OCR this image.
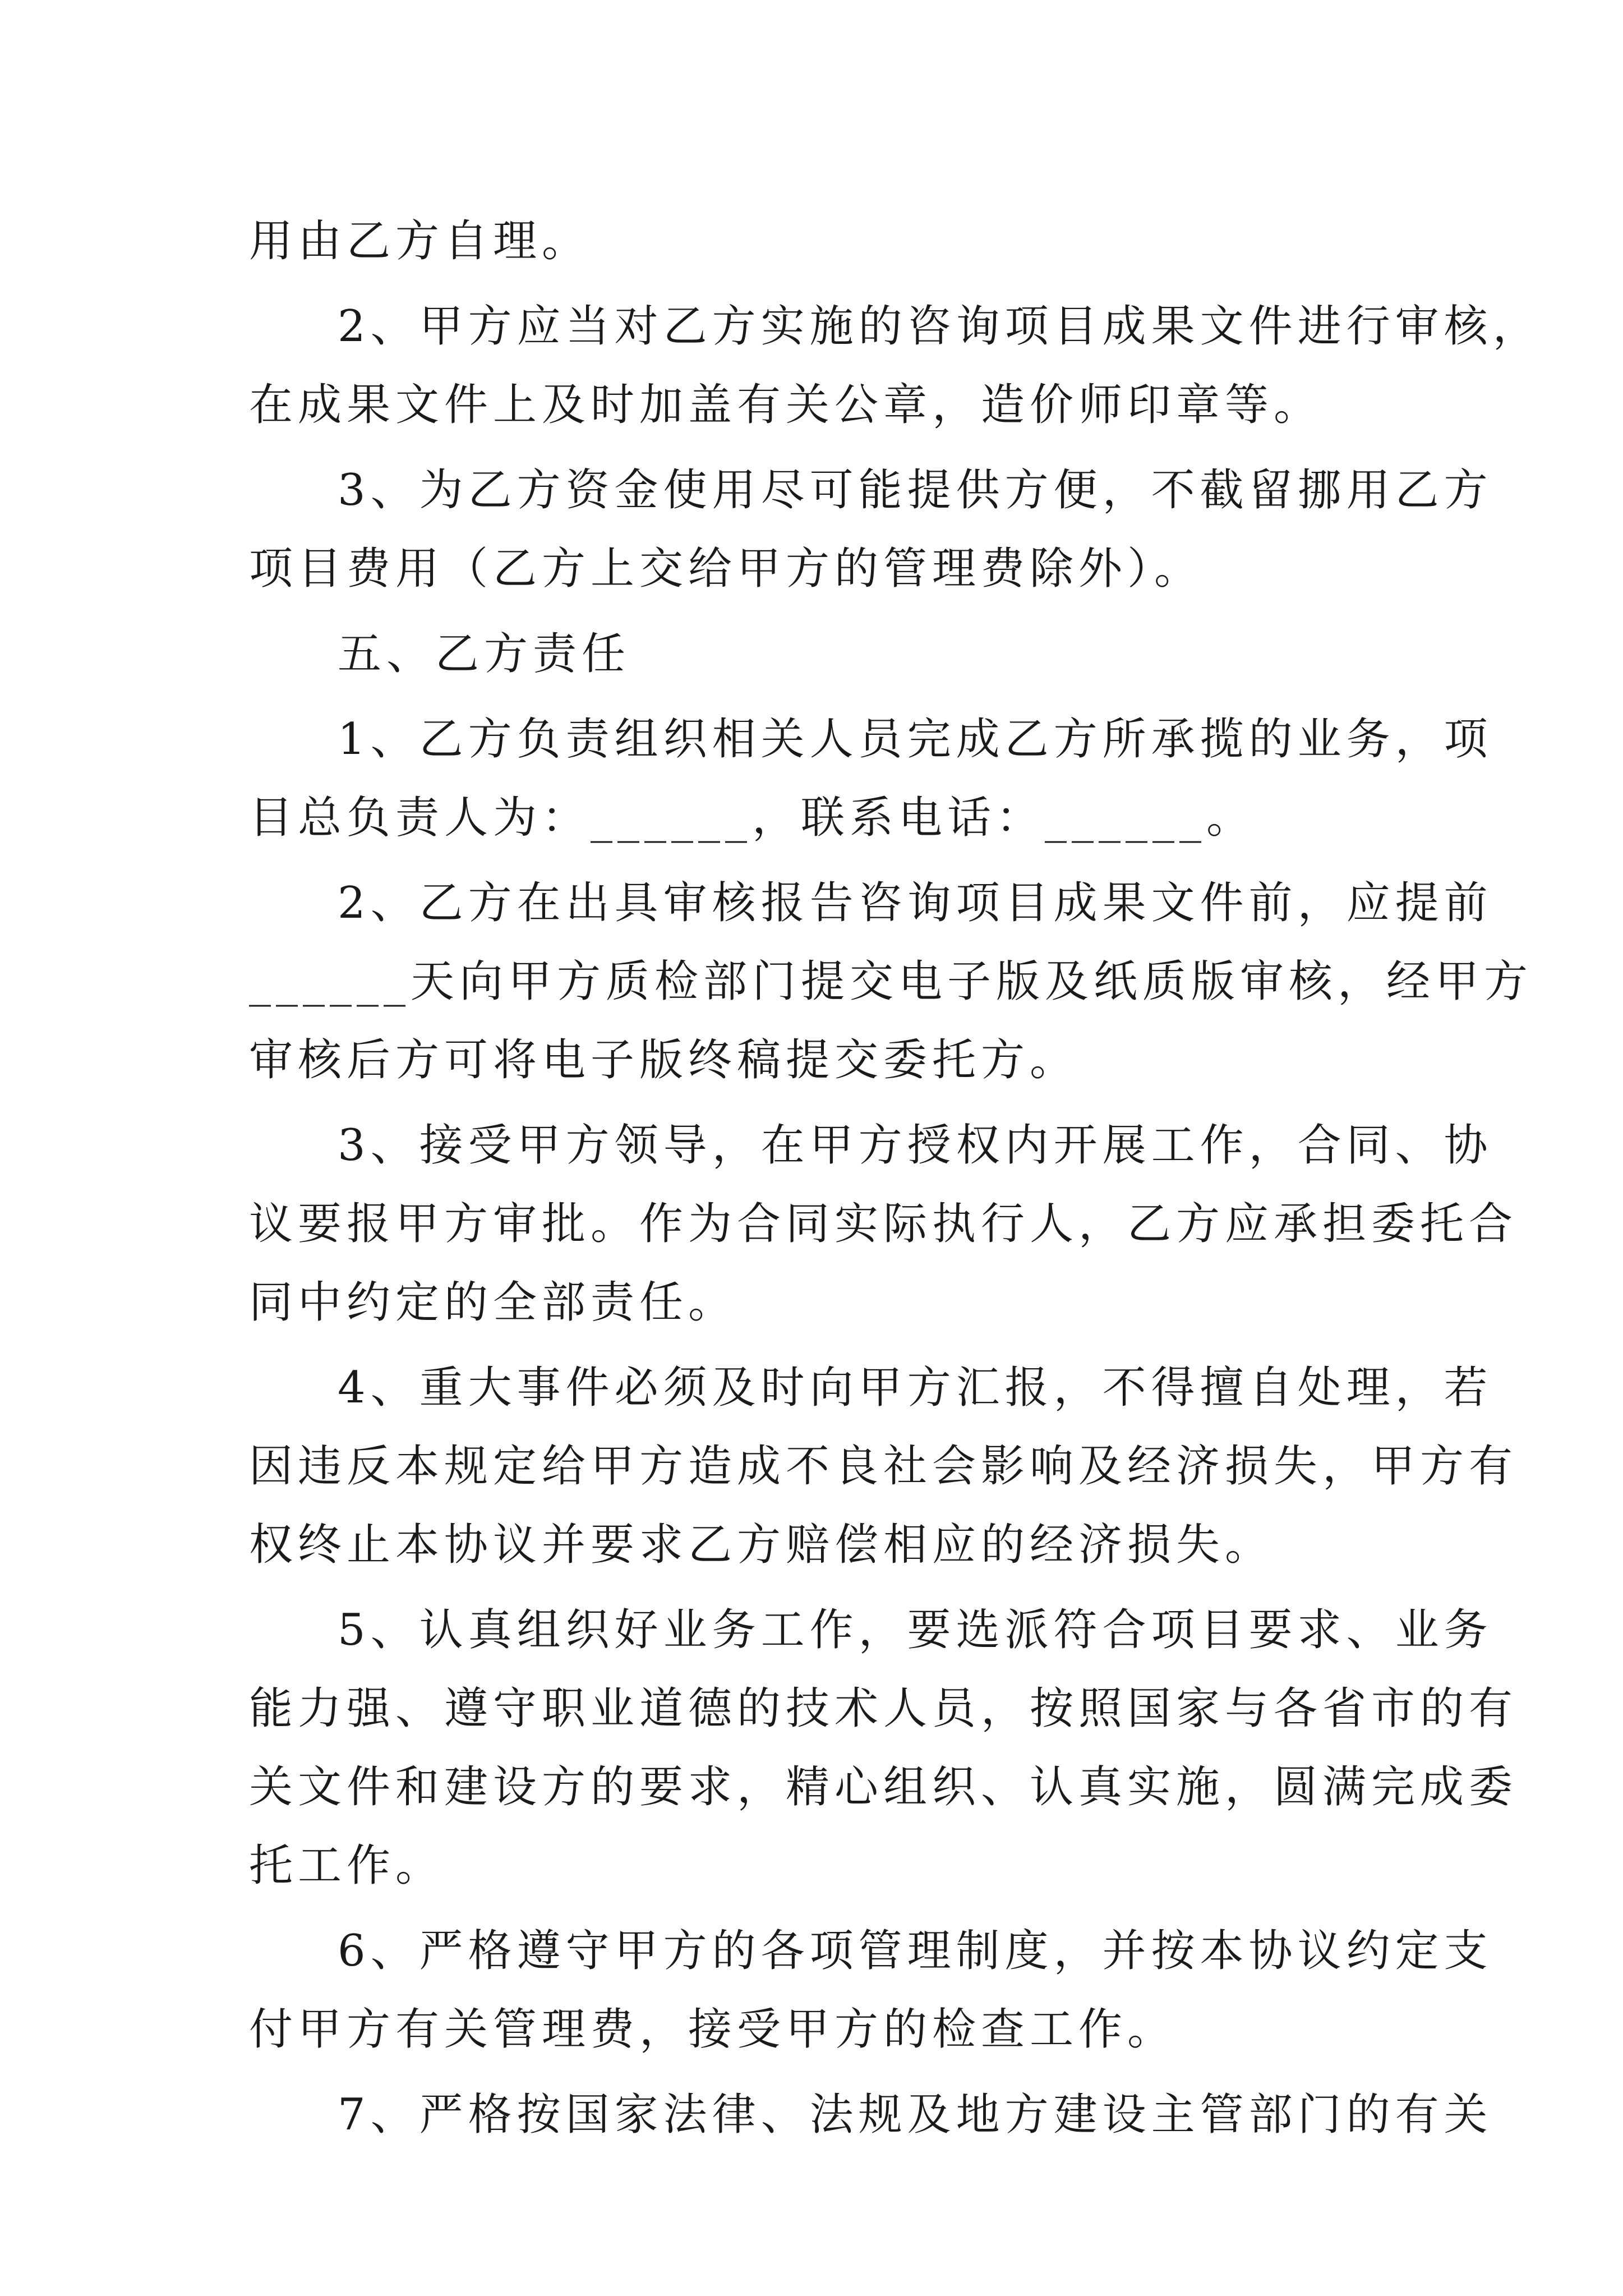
用由乙方自理。
2、甲方应当对乙方实施的咨询项目成果文件进行审核，
在成果文件上及时加盖有关公章，造价师印章等。
3、为乙方资金使用尽可能提供方便，不截留挪用乙方
项目费用（乙方上交给甲方的管理费除外）。
五、乙方责任
1、乙方负责组织相关人员完成乙方所承揽的业务，项
目总负责人为：______，联系电话：______。
2、乙方在出具审核报告咨询项目成果文件前，应提前
______天向甲方质检部门提交电子版及纸质版审核，经甲方
审核后方可将电子版终稿提交委托方。
3、接受甲方领导，在甲方授权内开展工作，合同、协
议要报甲方审批。作为合同实际执行人，乙方应承担委托合
同中约定的全部责任。
4、重大事件必须及时向甲方汇报，不得擅自处理，若
因违反本规定给甲方造成不良社会影响及经济损失，甲方有
权终止本协议并要求乙方赔偿相应的经济损失。
5、认真组织好业务工作，要选派符合项目要求、业务
能力强、遵守职业道德的技术人员，按照国家与各省市的有
关文件和建设方的要求，精心组织、认真实施，圆满完成委
托工作。
6、严格遵守甲方的各项管理制度，并按本协议约定支
付甲方有关管理费，接受甲方的检查工作。
7、严格按国家法律、法规及地方建设主管部门的有关
